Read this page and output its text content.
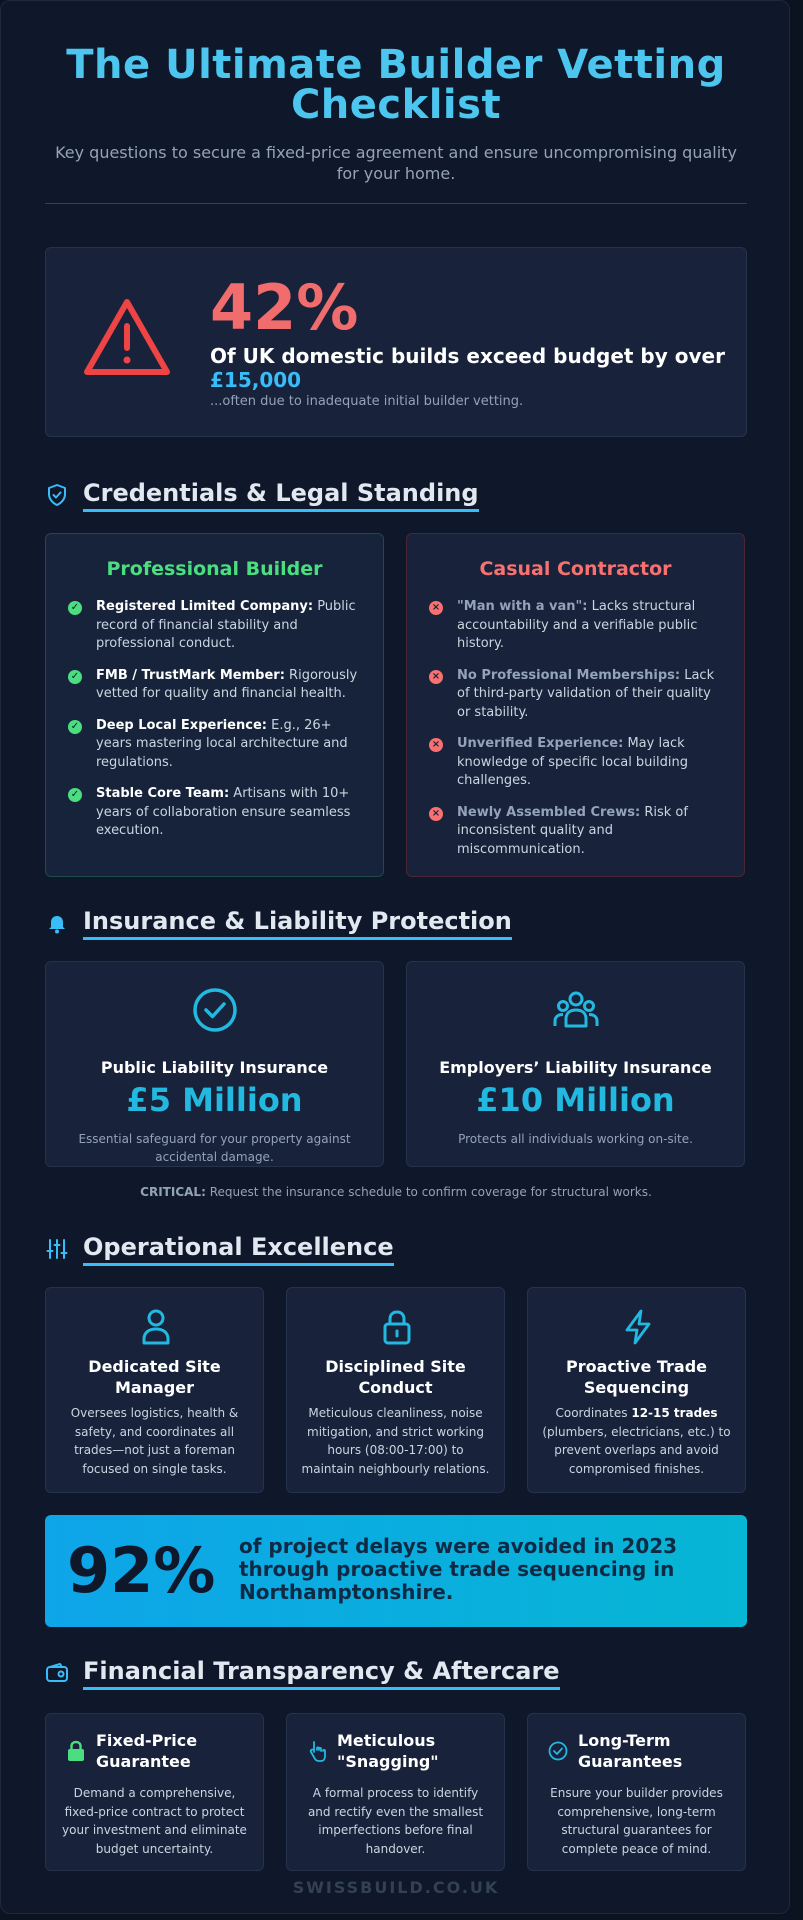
The Ultimate Builder Vetting Checklist

Key questions to secure a fixed-price agreement and ensure uncompromising quality for your home.

42%
Of UK domestic builds exceed budget by over £15,000
...often due to inadequate initial builder vetting.
Credentials & Legal Standing
Professional Builder
✓ Registered Limited Company: Public record of financial stability and professional conduct.
✓ FMB / TrustMark Member: Rigorously vetted for quality and financial health.
✓ Deep Local Experience: E.g., 26+ years mastering local architecture and regulations.
✓ Stable Core Team: Artisans with 10+ years of collaboration ensure seamless execution.
Casual Contractor
× "Man with a van": Lacks structural accountability and a verifiable public history.
× No Professional Memberships: Lack of third-party validation of their quality or stability.
× Unverified Experience: May lack knowledge of specific local building challenges.
× Newly Assembled Crews: Risk of inconsistent quality and miscommunication.
Insurance & Liability Protection
Public Liability Insurance
£5 Million
Essential safeguard for your property against accidental damage.
Employers’ Liability Insurance
£10 Million
Protects all individuals working on-site.
CRITICAL: Request the insurance schedule to confirm coverage for structural works.
Operational Excellence
Dedicated Site Manager
Oversees logistics, health & safety, and coordinates all trades—not just a foreman focused on single tasks.
Disciplined Site Conduct
Meticulous cleanliness, noise mitigation, and strict working hours (08:00-17:00) to maintain neighbourly relations.
Proactive Trade Sequencing
Coordinates 12-15 trades (plumbers, electricians, etc.) to prevent overlaps and avoid compromised finishes.
92% of project delays were avoided in 2023 through proactive trade sequencing in Northamptonshire.
Financial Transparency & Aftercare
Fixed-Price Guarantee
Demand a comprehensive, fixed-price contract to protect your investment and eliminate budget uncertainty.
Meticulous "Snagging"
A formal process to identify and rectify even the smallest imperfections before final handover.
Long-Term Guarantees
Ensure your builder provides comprehensive, long-term structural guarantees for complete peace of mind.
SWISSBUILD.CO.UK
